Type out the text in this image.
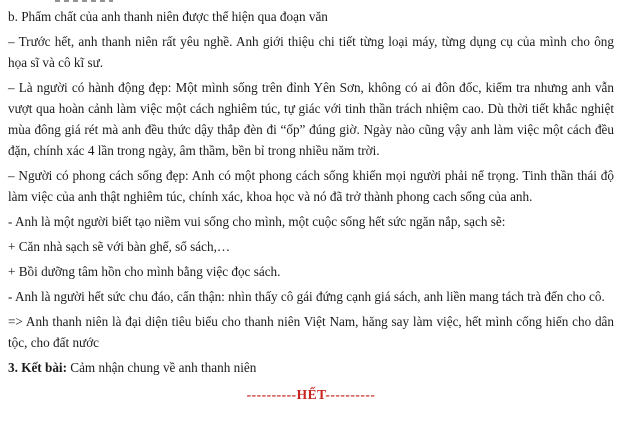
b. Phẩm chất của anh thanh niên được thể hiện qua đoạn văn

– Trước hết, anh thanh niên rất yêu nghề. Anh giới thiệu chi tiết từng loại máy, từng dụng cụ của mình cho ông họa sĩ và cô kĩ sư.

– Là người có hành động đẹp: Một mình sống trên đỉnh Yên Sơn, không có ai đôn đốc, kiểm tra nhưng anh vẫn vượt qua hoàn cảnh làm việc một cách nghiêm túc, tự giác với tinh thần trách nhiệm cao. Dù thời tiết khắc nghiệt mùa đông giá rét mà anh đều thức dậy thắp đèn đi “ốp” đúng giờ. Ngày nào cũng vậy anh làm việc một cách đều đặn, chính xác 4 lần trong ngày, âm thầm, bền bỉ trong nhiều năm trời.

– Người có phong cách sống đẹp: Anh có một phong cách sống khiến mọi người phải nể trọng. Tinh thần thái độ làm việc của anh thật nghiêm túc, chính xác, khoa học và nó đã trở thành phong cach sống của anh.

- Anh là một người biết tạo niềm vui sống cho mình, một cuộc sống hết sức ngăn nắp, sạch sẽ:

+ Căn nhà sạch sẽ với bàn ghế, sổ sách,…

+ Bồi dưỡng tâm hồn cho mình bằng việc đọc sách.

- Anh là người hết sức chu đáo, cẩn thận: nhìn thấy cô gái đứng cạnh giá sách, anh liền mang tách trà đến cho cô.

=> Anh thanh niên là đại diện tiêu biểu cho thanh niên Việt Nam, hăng say làm việc, hết mình cống hiến cho dân tộc, cho đất nước

3. Kết bài: Cảm nhận chung về anh thanh niên

----------HẾT----------
